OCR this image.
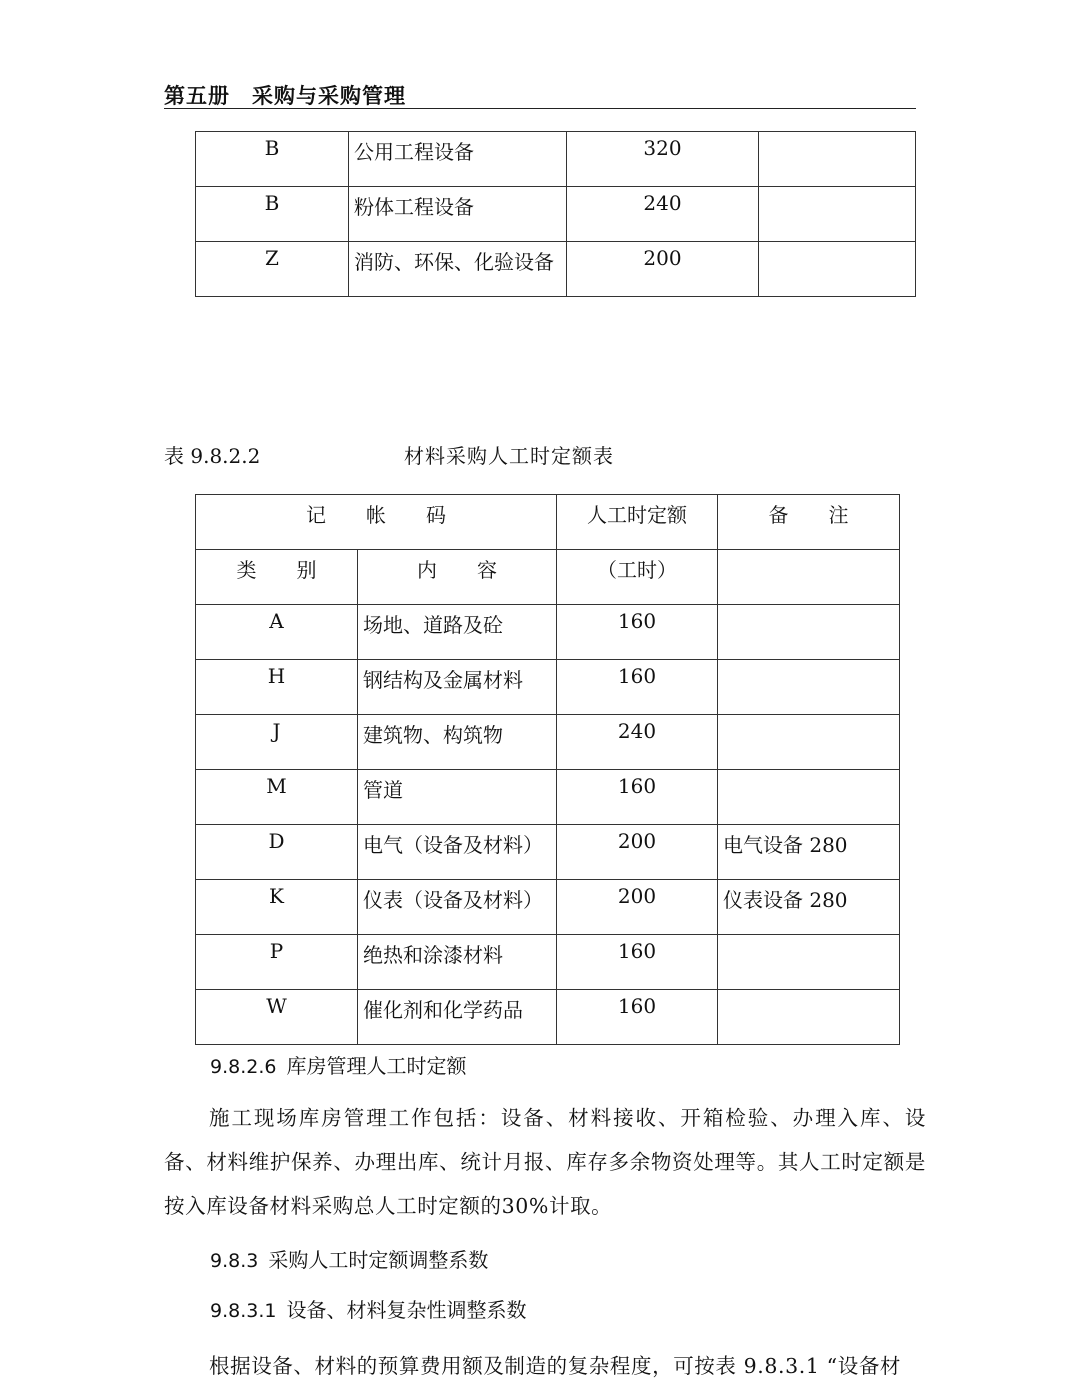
第五册　采购与采购管理
B	公用工程设备	320	

B	粉体工程设备	240	

Z	消防、环保、化验设备	200	

表 9.8.2.2	材料采购人工时定额表
记　　帐　　码		人工时定额	备　　注

类　　别	内　　容	（工时）	

A	场地、道路及砼	160	

H	钢结构及金属材料	160	

J	建筑物、构筑物	240	

M	管道	160	

D	电气（设备及材料）	200	电气设备 280

K	仪表（设备及材料）	200	仪表设备 280

P	绝热和涂漆材料	160	

W	催化剂和化学药品	160	

9.8.2.6 库房管理人工时定额
施工现场库房管理工作包括：设备、材料接收、开箱检验、办理入库、设备、材料维护保养、办理出库、统计月报、库存多余物资处理等。其人工时定额是按入库设备材料采购总人工时定额的30%计取。
9.8.3 采购人工时定额调整系数
9.8.3.1 设备、材料复杂性调整系数
根据设备、材料的预算费用额及制造的复杂程度，可按表 9.8.3.1 “设备材
